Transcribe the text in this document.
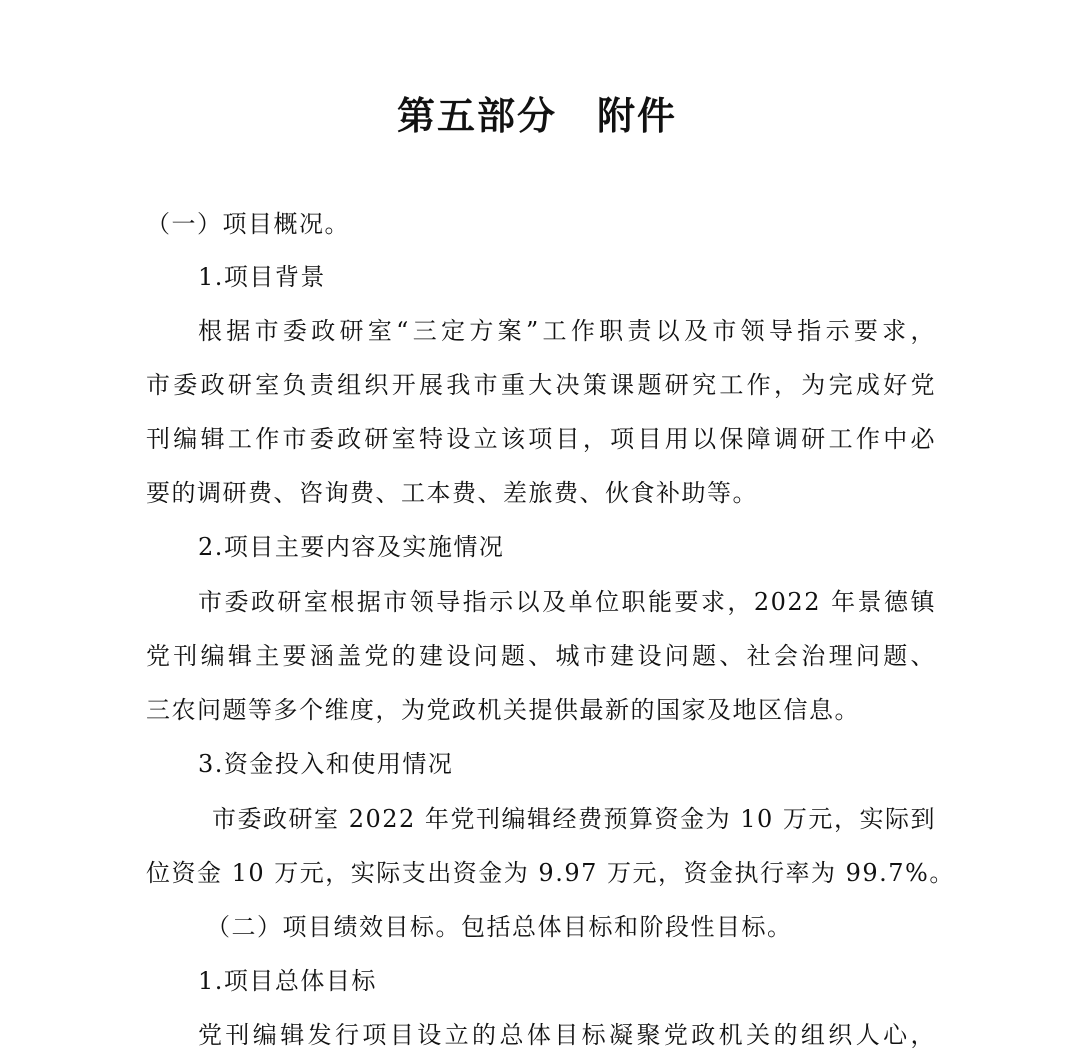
第五部分　附件
（一）项目概况。
1.项目背景
根据市委政研室“三定方案”工作职责以及市领导指示要求，
市委政研室负责组织开展我市重大决策课题研究工作，为完成好党
刊编辑工作市委政研室特设立该项目，项目用以保障调研工作中必
要的调研费、咨询费、工本费、差旅费、伙食补助等。
2.项目主要内容及实施情况
市委政研室根据市领导指示以及单位职能要求，2022 年景德镇
党刊编辑主要涵盖党的建设问题、城市建设问题、社会治理问题、
三农问题等多个维度，为党政机关提供最新的国家及地区信息。
3.资金投入和使用情况
市委政研室 2022 年党刊编辑经费预算资金为 10 万元，实际到
位资金 10 万元，实际支出资金为 9.97 万元，资金执行率为 99.7%。
（二）项目绩效目标。包括总体目标和阶段性目标。
1.项目总体目标
党刊编辑发行项目设立的总体目标凝聚党政机关的组织人心，
